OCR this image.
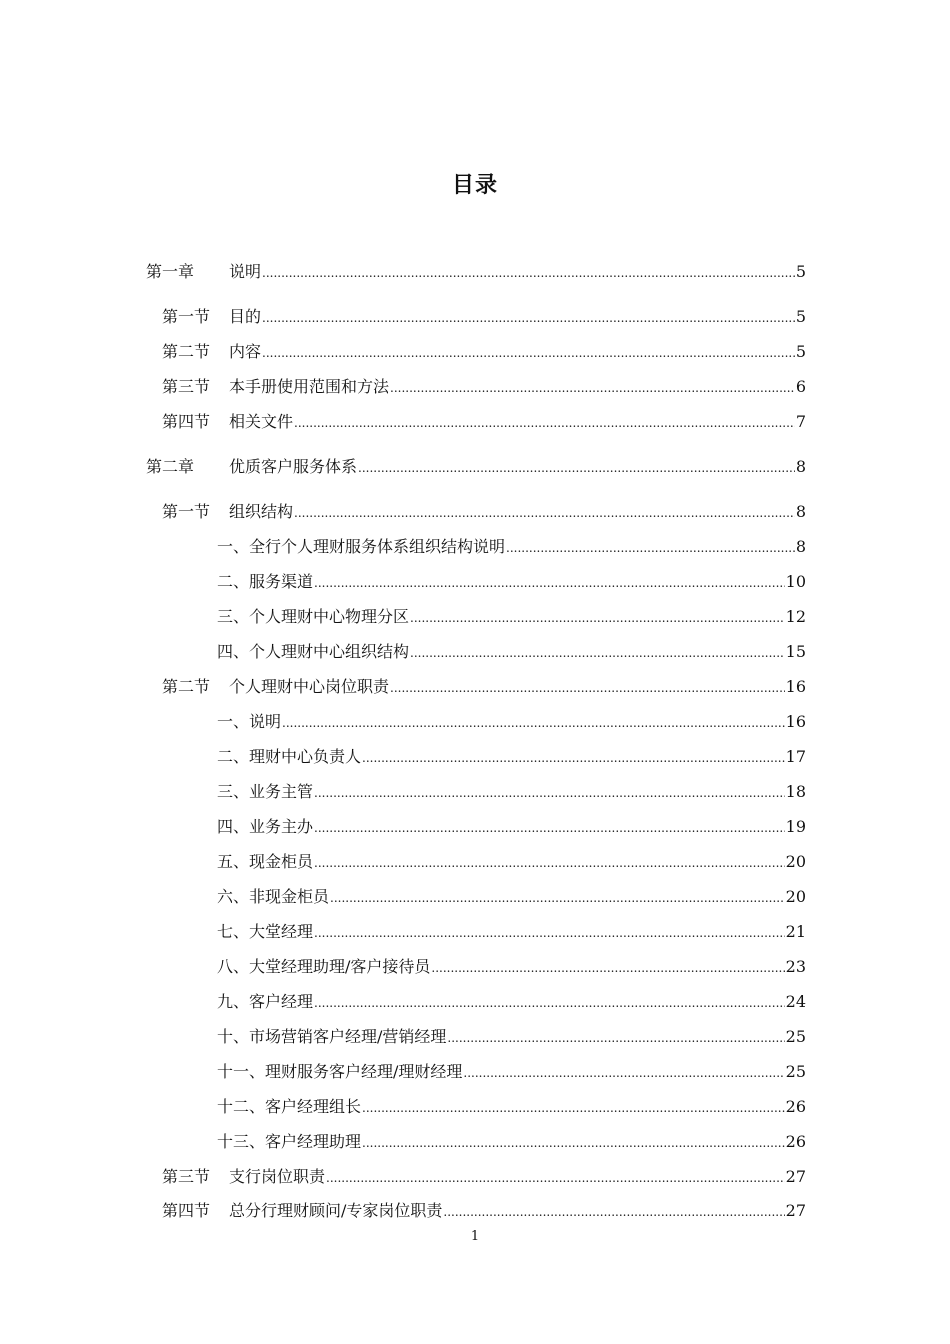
目录
第一章	说明 .....	5
第一节	目的 .....	5
第二节	内容 .....	5
第三节	本手册使用范围和方法 .....	6
第四节	相关文件 .....	7
第二章	优质客户服务体系 .....	8
第一节	组织结构 .....	8
一、全行个人理财服务体系组织结构说明 .....	8
二、服务渠道 .....	10
三、个人理财中心物理分区 .....	12
四、个人理财中心组织结构 .....	15
第二节	个人理财中心岗位职责 .....	16
一、说明 .....	16
二、理财中心负责人 .....	17
三、业务主管 .....	18
四、业务主办 .....	19
五、现金柜员 .....	20
六、非现金柜员 .....	20
七、大堂经理 .....	21
八、大堂经理助理/客户接待员 .....	23
九、客户经理 .....	24
十、市场营销客户经理/营销经理 .....	25
十一、理财服务客户经理/理财经理 .....	25
十二、客户经理组长 .....	26
十三、客户经理助理 .....	26
第三节	支行岗位职责 .....	27
第四节	总分行理财顾问/专家岗位职责 .....	27
1
